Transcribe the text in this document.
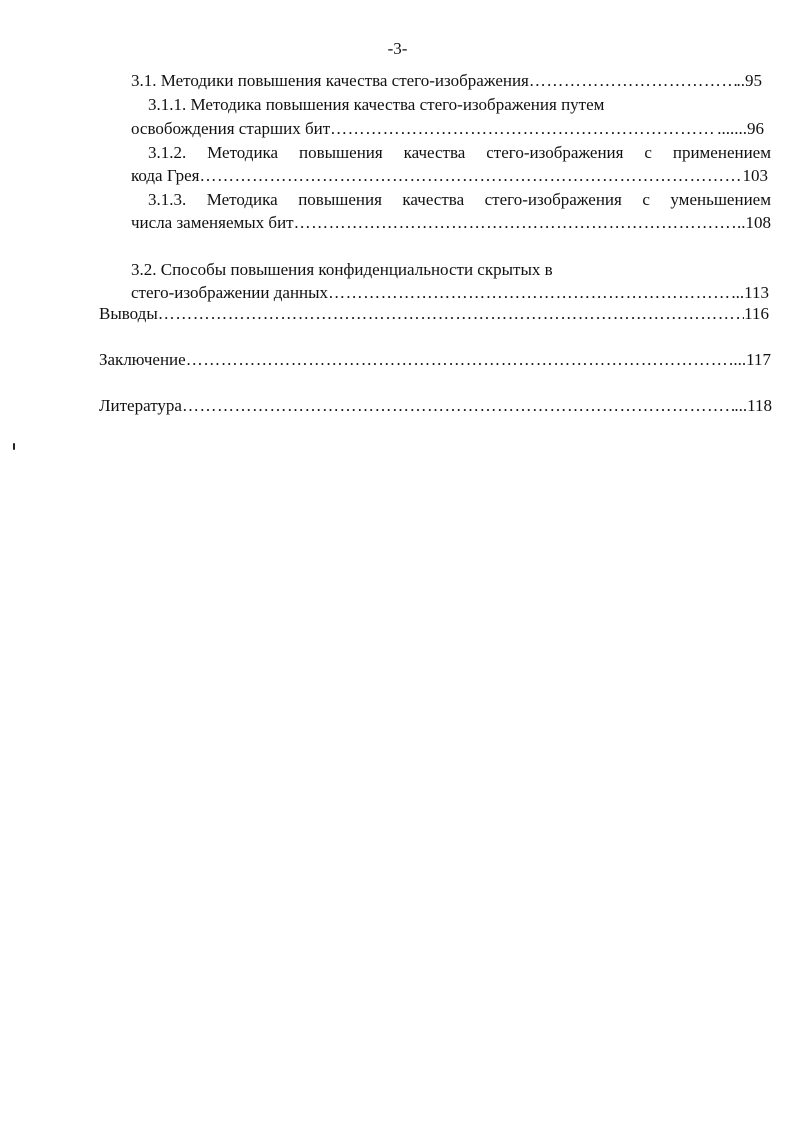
-3-
3.1. Методики повышения качества стего-изображения …………………………………………………………………………………………………………………………………………………………………………………………	..95
3.1.1. Методика повышения качества стего-изображения путем
освобождения старших бит …………………………………………………………………………………………………………………………………………………………………………………………	.......96
3.1.2. Методика повышения качества стего-изображения с применением
кода Грея …………………………………………………………………………………………………………………………………………………………………………………………	103
3.1.3. Методика повышения качества стего-изображения с уменьшением
числа заменяемых бит …………………………………………………………………………………………………………………………………………………………………………………………	..108
3.2. Способы повышения конфиденциальности скрытых в
стего-изображении данных …………………………………………………………………………………………………………………………………………………………………………………………	...113
Выводы …………………………………………………………………………………………………………………………………………………………………………………………	116
Заключение …………………………………………………………………………………………………………………………………………………………………………………………	...117
Литература …………………………………………………………………………………………………………………………………………………………………………………………	...118
